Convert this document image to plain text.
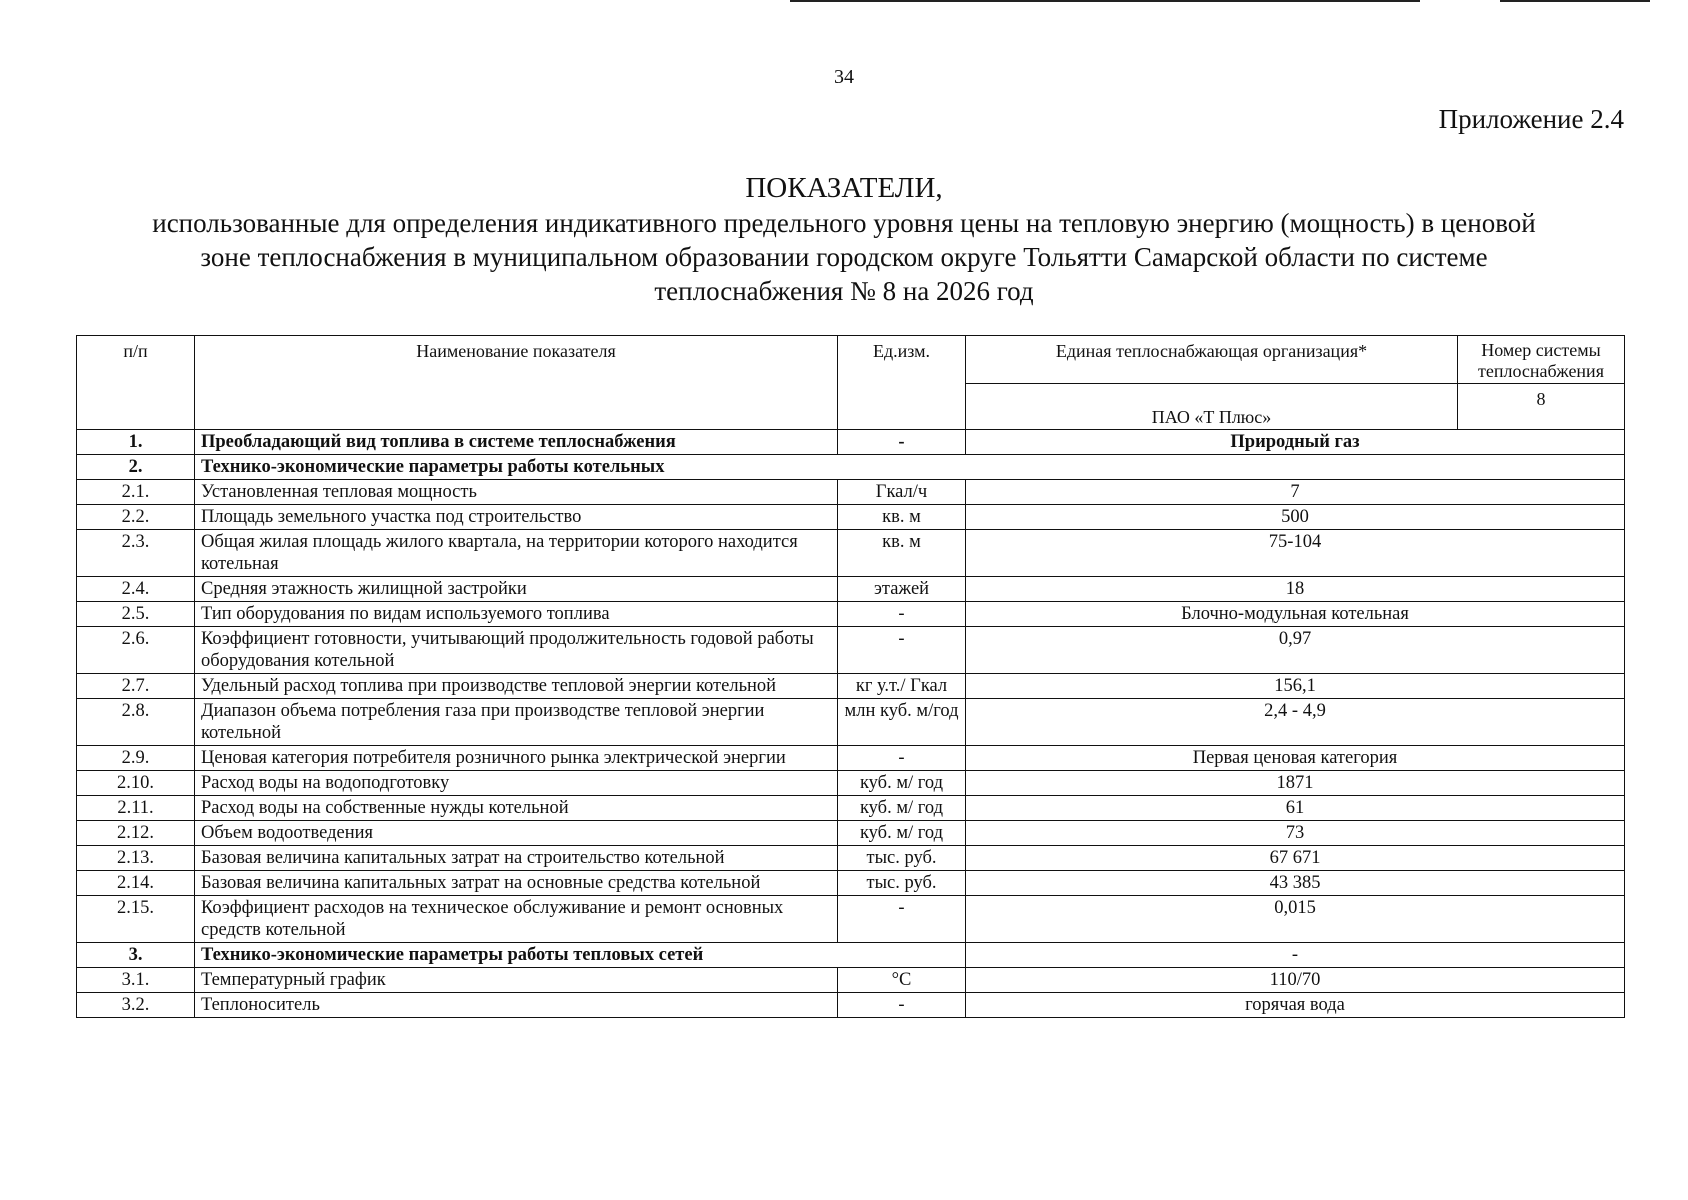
34
Приложение 2.4
ПОКАЗАТЕЛИ,
использованные для определения индикативного предельного уровня цены на тепловую энергию (мощность) в ценовой
зоне теплоснабжения в муниципальном образовании городском округе Тольятти Самарской области по системе
теплоснабжения № 8 на 2026 год
п/п	Наименование показателя	Ед.изм.	Единая теплоснабжающая организация*	Номер системы теплоснабжения
			ПАО «Т Плюс»	8
1.	Преобладающий вид топлива в системе теплоснабжения	-	Природный газ	
2.	Технико-экономические параметры работы котельных			
2.1.	Установленная тепловая мощность	Гкал/ч	7	
2.2.	Площадь земельного участка под строительство	кв. м	500	
2.3.	Общая жилая площадь жилого квартала, на территории которого находится котельная	кв. м	75-104	
2.4.	Средняя этажность жилищной застройки	этажей	18	
2.5.	Тип оборудования по видам используемого топлива	-	Блочно-модульная котельная	
2.6.	Коэффициент готовности, учитывающий продолжительность годовой работы оборудования котельной	-	0,97	
2.7.	Удельный расход топлива при производстве тепловой энергии котельной	кг у.т./ Гкал	156,1	
2.8.	Диапазон объема потребления газа при производстве тепловой энергии котельной	млн куб. м/год	2,4 - 4,9	
2.9.	Ценовая категория потребителя розничного рынка электрической энергии	-	Первая ценовая категория	
2.10.	Расход воды на водоподготовку	куб. м/ год	1871	
2.11.	Расход воды на собственные нужды котельной	куб. м/ год	61	
2.12.	Объем водоотведения	куб. м/ год	73	
2.13.	Базовая величина капитальных затрат на строительство котельной	тыс. руб.	67 671	
2.14.	Базовая величина капитальных затрат на основные средства котельной	тыс. руб.	43 385	
2.15.	Коэффициент расходов на техническое обслуживание и ремонт основных средств котельной	-	0,015	
3.	Технико-экономические параметры работы тепловых сетей		-	
3.1.	Температурный график	°С	110/70	
3.2.	Теплоноситель	-	горячая вода	
